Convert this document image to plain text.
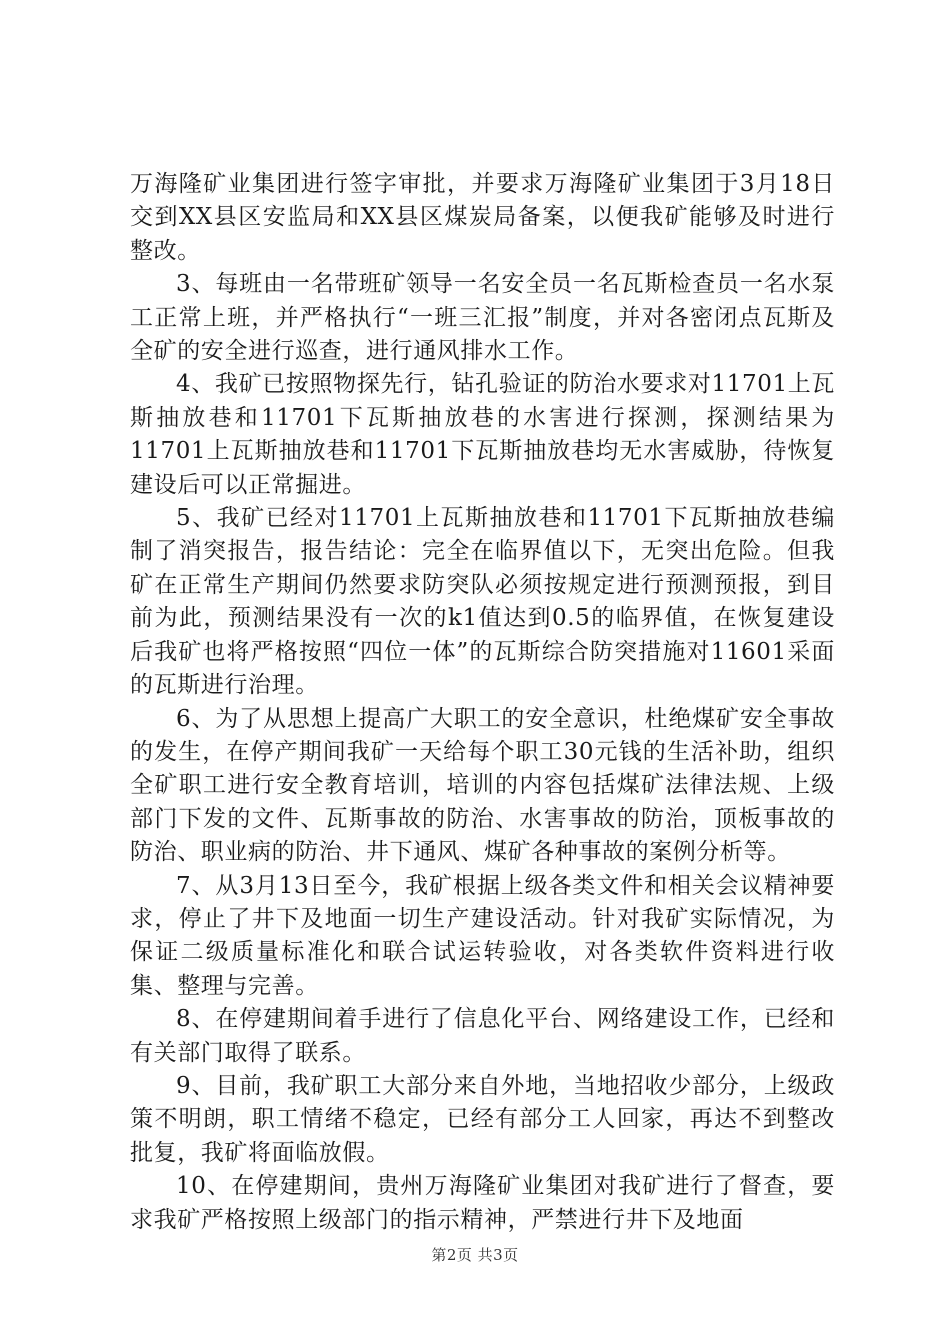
万海隆矿业集团进行签字审批，并要求万海隆矿业集团于3月18日交到XX县区安监局和XX县区煤炭局备案，以便我矿能够及时进行整改。

3、每班由一名带班矿领导一名安全员一名瓦斯检查员一名水泵工正常上班，并严格执行“一班三汇报”制度，并对各密闭点瓦斯及全矿的安全进行巡查，进行通风排水工作。

4、我矿已按照物探先行，钻孔验证的防治水要求对11701上瓦斯抽放巷和11701下瓦斯抽放巷的水害进行探测，探测结果为11701上瓦斯抽放巷和11701下瓦斯抽放巷均无水害威胁，待恢复建设后可以正常掘进。

5、我矿已经对11701上瓦斯抽放巷和11701下瓦斯抽放巷编制了消突报告，报告结论：完全在临界值以下，无突出危险。但我矿在正常生产期间仍然要求防突队必须按规定进行预测预报，到目前为此，预测结果没有一次的k1值达到0.5的临界值，在恢复建设后我矿也将严格按照“四位一体”的瓦斯综合防突措施对11601采面的瓦斯进行治理。

6、为了从思想上提高广大职工的安全意识，杜绝煤矿安全事故的发生，在停产期间我矿一天给每个职工30元钱的生活补助，组织全矿职工进行安全教育培训，培训的内容包括煤矿法律法规、上级部门下发的文件、瓦斯事故的防治、水害事故的防治，顶板事故的防治、职业病的防治、井下通风、煤矿各种事故的案例分析等。

7、从3月13日至今，我矿根据上级各类文件和相关会议精神要求，停止了井下及地面一切生产建设活动。针对我矿实际情况，为保证二级质量标准化和联合试运转验收，对各类软件资料进行收集、整理与完善。

8、在停建期间着手进行了信息化平台、网络建设工作，已经和有关部门取得了联系。

9、目前，我矿职工大部分来自外地，当地招收少部分，上级政策不明朗，职工情绪不稳定，已经有部分工人回家，再达不到整改批复，我矿将面临放假。

10、在停建期间，贵州万海隆矿业集团对我矿进行了督查，要求我矿严格按照上级部门的指示精神，严禁进行井下及地面

第2页 共3页
